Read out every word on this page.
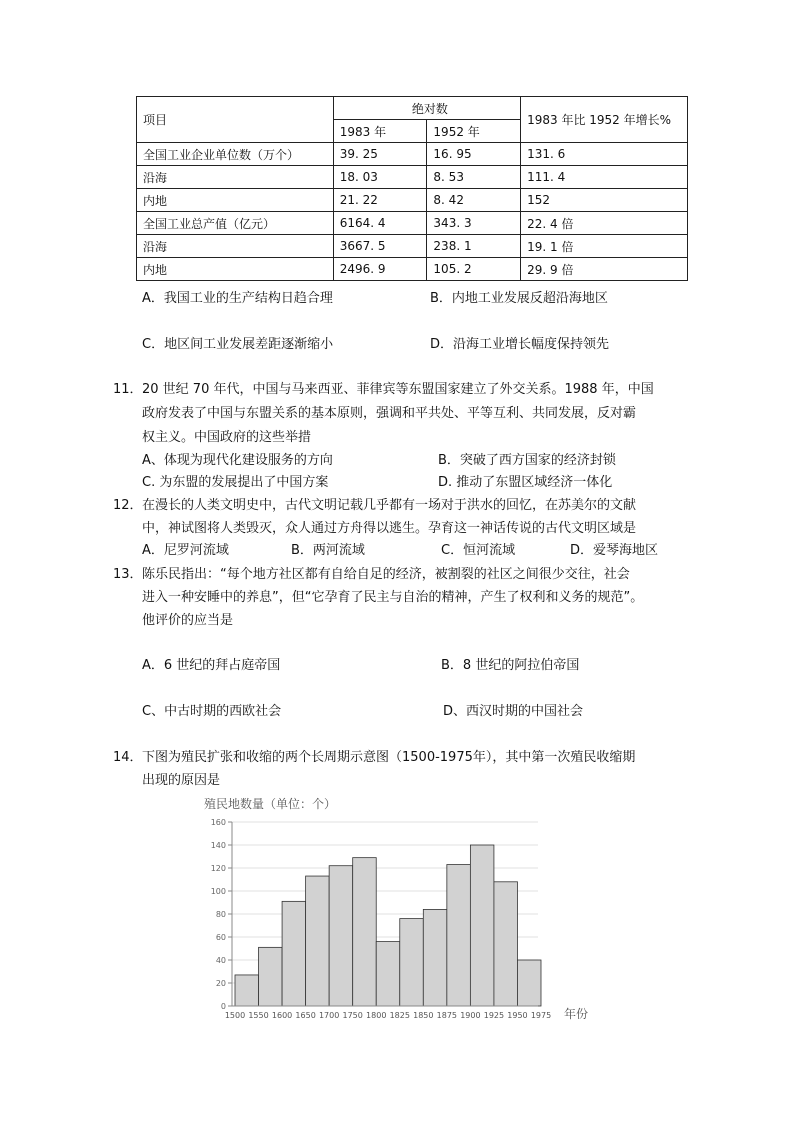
项目	绝对数		1983 年比 1952 年增长%
	1983 年	1952 年	
全国工业企业单位数（万个）	39. 25	16. 95	131. 6
沿海	18. 03	8. 53	111. 4
内地	21. 22	8. 42	152
全国工业总产值（亿元）	6164. 4	343. 3	22. 4 倍
沿海	3667. 5	238. 1	19. 1 倍
内地	2496. 9	105. 2	29. 9 倍
A．我国工业的生产结构日趋合理	B．内地工业发展反超沿海地区
C．地区间工业发展差距逐渐缩小	D．沿海工业增长幅度保持领先
11． 20 世纪 70 年代，中国与马来西亚、菲律宾等东盟国家建立了外交关系。1988 年，中国
政府发表了中国与东盟关系的基本原则，强调和平共处、平等互利、共同发展，反对霸
权主义。中国政府的这些举措
A、体现为现代化建设服务的方向	B．突破了西方国家的经济封锁
C. 为东盟的发展提出了中国方案	D. 推动了东盟区域经济一体化
12． 在漫长的人类文明史中，古代文明记载几乎都有一场对于洪水的回忆，在苏美尔的文献
中，神试图将人类毁灭，众人通过方舟得以逃生。孕育这一神话传说的古代文明区域是
A．尼罗河流域	B．两河流域	C．恒河流域	D．爱琴海地区
13． 陈乐民指出：“每个地方社区都有自给自足的经济，被割裂的社区之间很少交往，社会
进入一种安睡中的养息”，但“它孕育了民主与自治的精神，产生了权利和义务的规范”。
他评价的应当是
A．6 世纪的拜占庭帝国	B．8 世纪的阿拉伯帝国
C、中古时期的西欧社会	D、西汉时期的中国社会
14． 下图为殖民扩张和收缩的两个长周期示意图（1500-1975年），其中第一次殖民收缩期
出现的原因是
殖民地数量（单位：个）
年份
0
20
40
60
80
100
120
140
160
1500 1550 1600 1650 1700 1750 1800 1825 1850 1875 1900 1925 1950 1975
